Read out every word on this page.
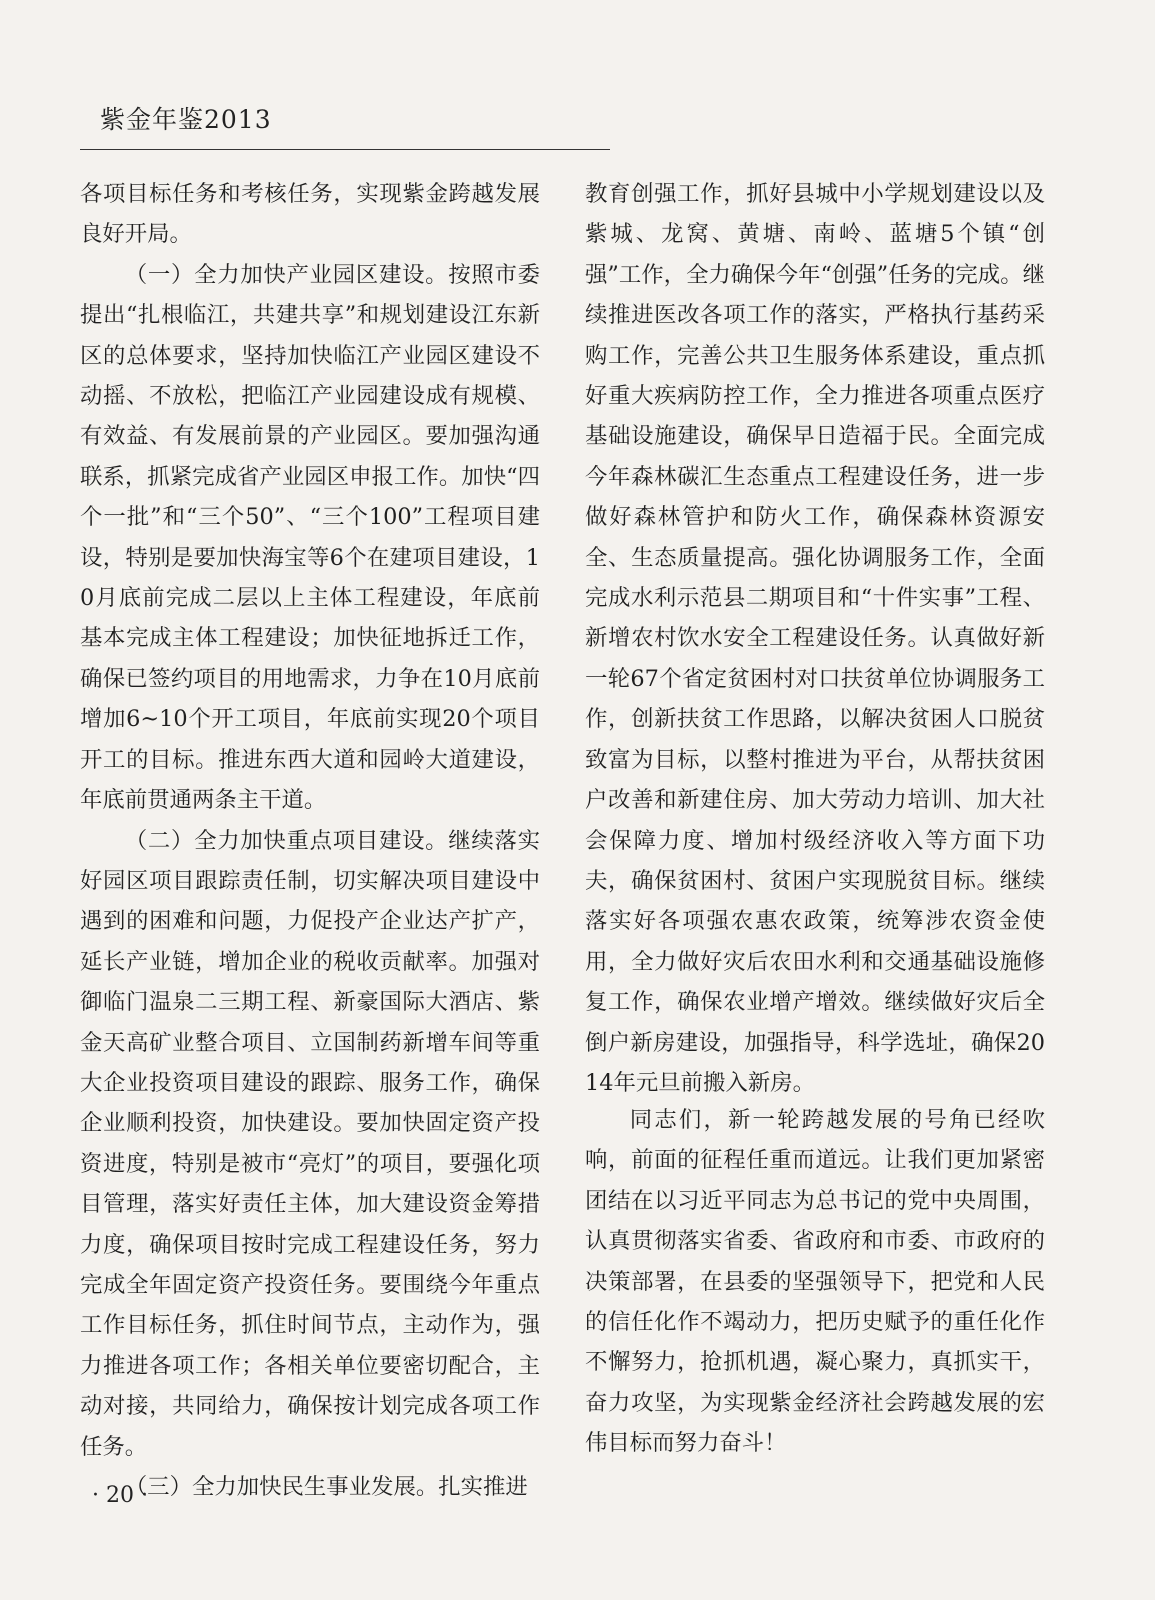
紫金年鉴2013

各项目标任务和考核任务，实现紫金跨越发展良好开局。

（一）全力加快产业园区建设。按照市委提出“扎根临江，共建共享”和规划建设江东新区的总体要求，坚持加快临江产业园区建设不动摇、不放松，把临江产业园建设成有规模、有效益、有发展前景的产业园区。要加强沟通联系，抓紧完成省产业园区申报工作。加快“四个一批”和“三个50”、“三个100”工程项目建设，特别是要加快海宝等6个在建项目建设，10月底前完成二层以上主体工程建设，年底前基本完成主体工程建设；加快征地拆迁工作，确保已签约项目的用地需求，力争在10月底前增加6~10个开工项目，年底前实现20个项目开工的目标。推进东西大道和园岭大道建设，年底前贯通两条主干道。

（二）全力加快重点项目建设。继续落实好园区项目跟踪责任制，切实解决项目建设中遇到的困难和问题，力促投产企业达产扩产，延长产业链，增加企业的税收贡献率。加强对御临门温泉二三期工程、新豪国际大酒店、紫金天高矿业整合项目、立国制药新增车间等重大企业投资项目建设的跟踪、服务工作，确保企业顺利投资，加快建设。要加快固定资产投资进度，特别是被市“亮灯”的项目，要强化项目管理，落实好责任主体，加大建设资金筹措力度，确保项目按时完成工程建设任务，努力完成全年固定资产投资任务。要围绕今年重点工作目标任务，抓住时间节点，主动作为，强力推进各项工作；各相关单位要密切配合，主动对接，共同给力，确保按计划完成各项工作任务。

（三）全力加快民生事业发展。扎实推进

教育创强工作，抓好县城中小学规划建设以及紫城、龙窝、黄塘、南岭、蓝塘5个镇“创强”工作，全力确保今年“创强”任务的完成。继续推进医改各项工作的落实，严格执行基药采购工作，完善公共卫生服务体系建设，重点抓好重大疾病防控工作，全力推进各项重点医疗基础设施建设，确保早日造福于民。全面完成今年森林碳汇生态重点工程建设任务，进一步做好森林管护和防火工作，确保森林资源安全、生态质量提高。强化协调服务工作，全面完成水利示范县二期项目和“十件实事”工程、新增农村饮水安全工程建设任务。认真做好新一轮67个省定贫困村对口扶贫单位协调服务工作，创新扶贫工作思路，以解决贫困人口脱贫致富为目标，以整村推进为平台，从帮扶贫困户改善和新建住房、加大劳动力培训、加大社会保障力度、增加村级经济收入等方面下功夫，确保贫困村、贫困户实现脱贫目标。继续落实好各项强农惠农政策，统筹涉农资金使用，全力做好灾后农田水利和交通基础设施修复工作，确保农业增产增效。继续做好灾后全倒户新房建设，加强指导，科学选址，确保2014年元旦前搬入新房。

同志们，新一轮跨越发展的号角已经吹响，前面的征程任重而道远。让我们更加紧密团结在以习近平同志为总书记的党中央周围，认真贯彻落实省委、省政府和市委、市政府的决策部署，在县委的坚强领导下，把党和人民的信任化作不竭动力，把历史赋予的重任化作不懈努力，抢抓机遇，凝心聚力，真抓实干，奋力攻坚，为实现紫金经济社会跨越发展的宏伟目标而努力奋斗！

· 20 ·
